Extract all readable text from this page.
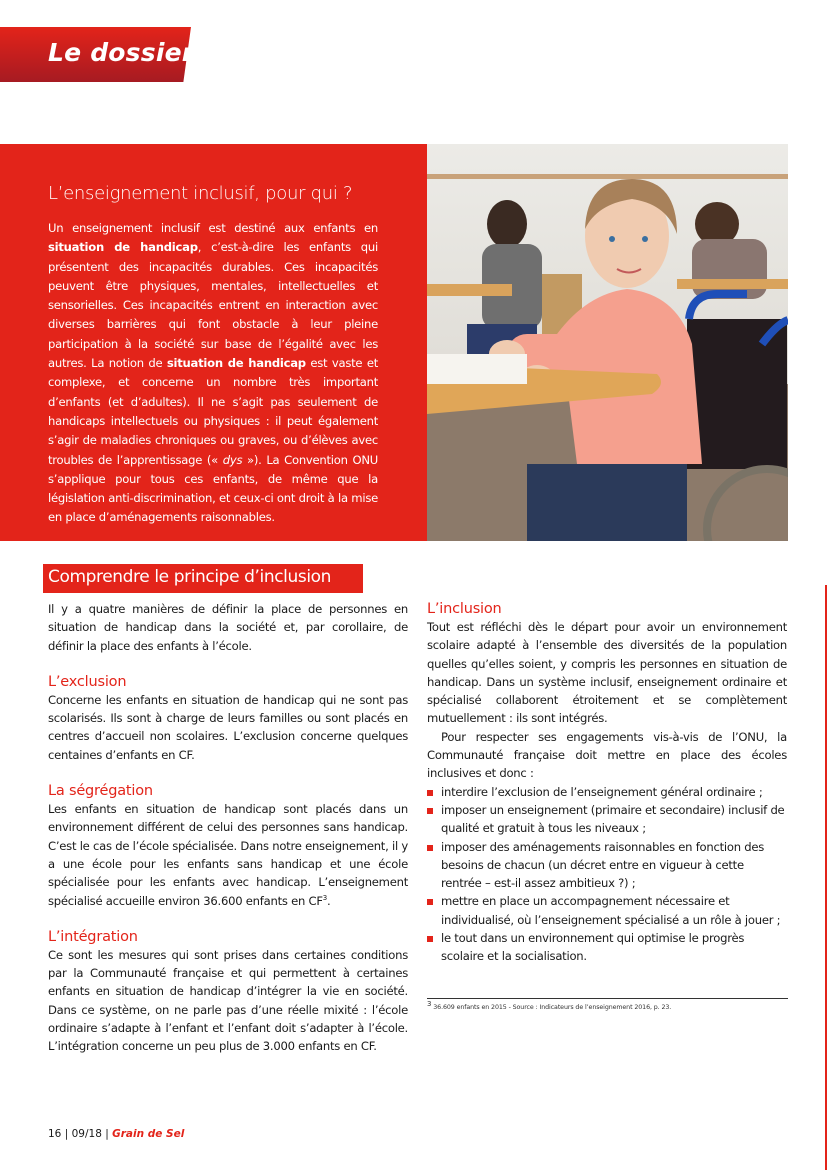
Le dossier
L’enseignement inclusif, pour qui ?

Un enseignement inclusif est destiné aux enfants en situation de handicap, c’est-à-dire les enfants qui présentent des incapacités durables. Ces incapacités peuvent être physiques, mentales, intellectuelles et sensorielles. Ces incapacités entrent en interaction avec diverses barrières qui font obstacle à leur pleine participation à la société sur base de l’égalité avec les autres. La notion de situation de handicap est vaste et complexe, et concerne un nombre très important d’enfants (et d’adultes). Il ne s’agit pas seulement de handicaps intellectuels ou physiques : il peut également s’agir de maladies chroniques ou graves, ou d’élèves avec troubles de l’apprentissage (« dys »). La Convention ONU s’applique pour tous ces enfants, de même que la législation anti-discrimination, et ceux-ci ont droit à la mise en place d’aménagements raisonnables.

Comprendre le principe d’inclusion

Il y a quatre manières de définir la place de personnes en situation de handicap dans la société et, par corollaire, de définir la place des enfants à l’école.

L’exclusion

Concerne les enfants en situation de handicap qui ne sont pas scolarisés. Ils sont à charge de leurs familles ou sont placés en centres d’accueil non scolaires. L’exclusion concerne quelques centaines d’enfants en CF.

La ségrégation

Les enfants en situation de handicap sont placés dans un environnement différent de celui des personnes sans handicap. C’est le cas de l’école spécialisée. Dans notre enseignement, il y a une école pour les enfants sans handicap et une école spécialisée pour les enfants avec handicap. L’enseignement spécialisé accueille environ 36.600 enfants en $CF^3$.

L’intégration

Ce sont les mesures qui sont prises dans certaines conditions par la Communauté française et qui permettent à certaines enfants en situation de handicap d’intégrer la vie en société. Dans ce système, on ne parle pas d’une réelle mixité : l’école ordinaire s’adapte à l’enfant et l’enfant doit s’adapter à l’école. L’intégration concerne un peu plus de 3.000 enfants en CF.

L’inclusion

Tout est réfléchi dès le départ pour avoir un environnement scolaire adapté à l’ensemble des diversités de la population quelles qu’elles soient, y compris les personnes en situation de handicap. Dans un système inclusif, enseignement ordinaire et spécialisé collaborent étroitement et se complètement mutuellement : ils sont intégrés.

Pour respecter ses engagements vis-à-vis de l’ONU, la Communauté française doit mettre en place des écoles inclusives et donc :

interdire l’exclusion de l’enseignement général ordinaire ;
imposer un enseignement (primaire et secondaire) inclusif de qualité et gratuit à tous les niveaux ;
imposer des aménagements raisonnables en fonction des besoins de chacun (un décret entre en vigueur à cette rentrée – est-il assez ambitieux ?) ;
mettre en place un accompagnement nécessaire et individualisé, où l’enseignement spécialisé a un rôle à jouer ;
le tout dans un environnement qui optimise le progrès scolaire et la socialisation.
$^3$ 36.609 enfants en 2015 - Source : Indicateurs de l’enseignement 2016, p. 23.
16 | 09/18 | Grain de Sel
